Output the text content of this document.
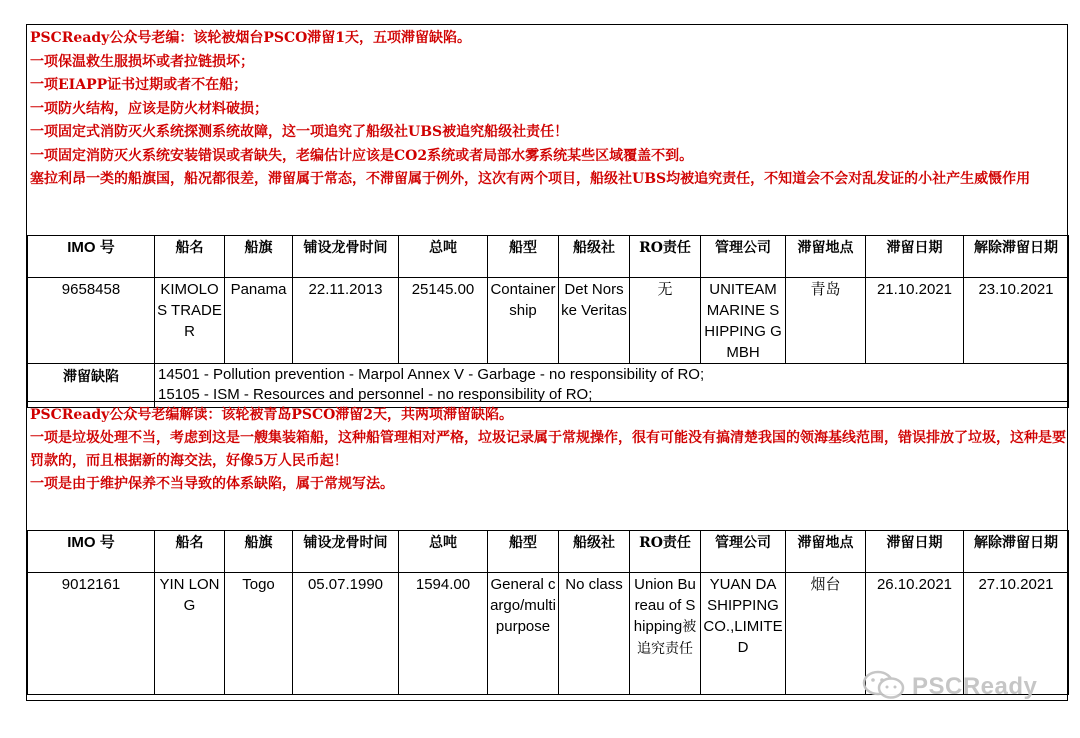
PSCReady公众号老编：该轮被烟台PSCO滞留1天，五项滞留缺陷。
一项保温救生服损坏或者拉链损坏；
一项EIAPP证书过期或者不在船；
一项防火结构，应该是防火材料破损；
一项固定式消防灭火系统探测系统故障，这一项追究了船级社UBS被追究船级社责任！
一项固定消防灭火系统安装错误或者缺失，老编估计应该是CO2系统或者局部水雾系统某些区域覆盖不到。
塞拉利昂一类的船旗国，船况都很差，滞留属于常态，不滞留属于例外，这次有两个项目，船级社UBS均被追究责任，不知道会不会对乱发证的小社产生威慑作用
IMO 号	船名	船旗	铺设龙骨时间	总吨	船型	船级社	RO责任	管理公司	滞留地点	滞留日期	解除滞留日期
9658458	KIMOLOS TRADER	Panama	22.11.2013	25145.00	Container ship	Det Norske Veritas	无	UNITEAM MARINE SHIPPING GMBH	青岛	21.10.2021	23.10.2021
滞留缺陷	14501 - Pollution prevention - Marpol Annex V - Garbage - no responsibility of RO;
15105 - ISM - Resources and personnel - no responsibility of RO;										
PSCReady公众号老编解读：该轮被青岛PSCO滞留2天，共两项滞留缺陷。
一项是垃圾处理不当，考虑到这是一艘集装箱船，这种船管理相对严格，垃圾记录属于常规操作，很有可能没有搞清楚我国的领海基线范围，错误排放了垃圾，这种是要罚款的，而且根据新的海交法，好像5万人民币起！
一项是由于维护保养不当导致的体系缺陷，属于常规写法。
IMO 号	船名	船旗	铺设龙骨时间	总吨	船型	船级社	RO责任	管理公司	滞留地点	滞留日期	解除滞留日期
9012161	YIN LONG	Togo	05.07.1990	1594.00	General cargo/multipurpose	No class	Union Bureau of Shipping被追究责任	YUAN DA SHIPPING CO.,LIMITED	烟台	26.10.2021	27.10.2021
PSCReady
